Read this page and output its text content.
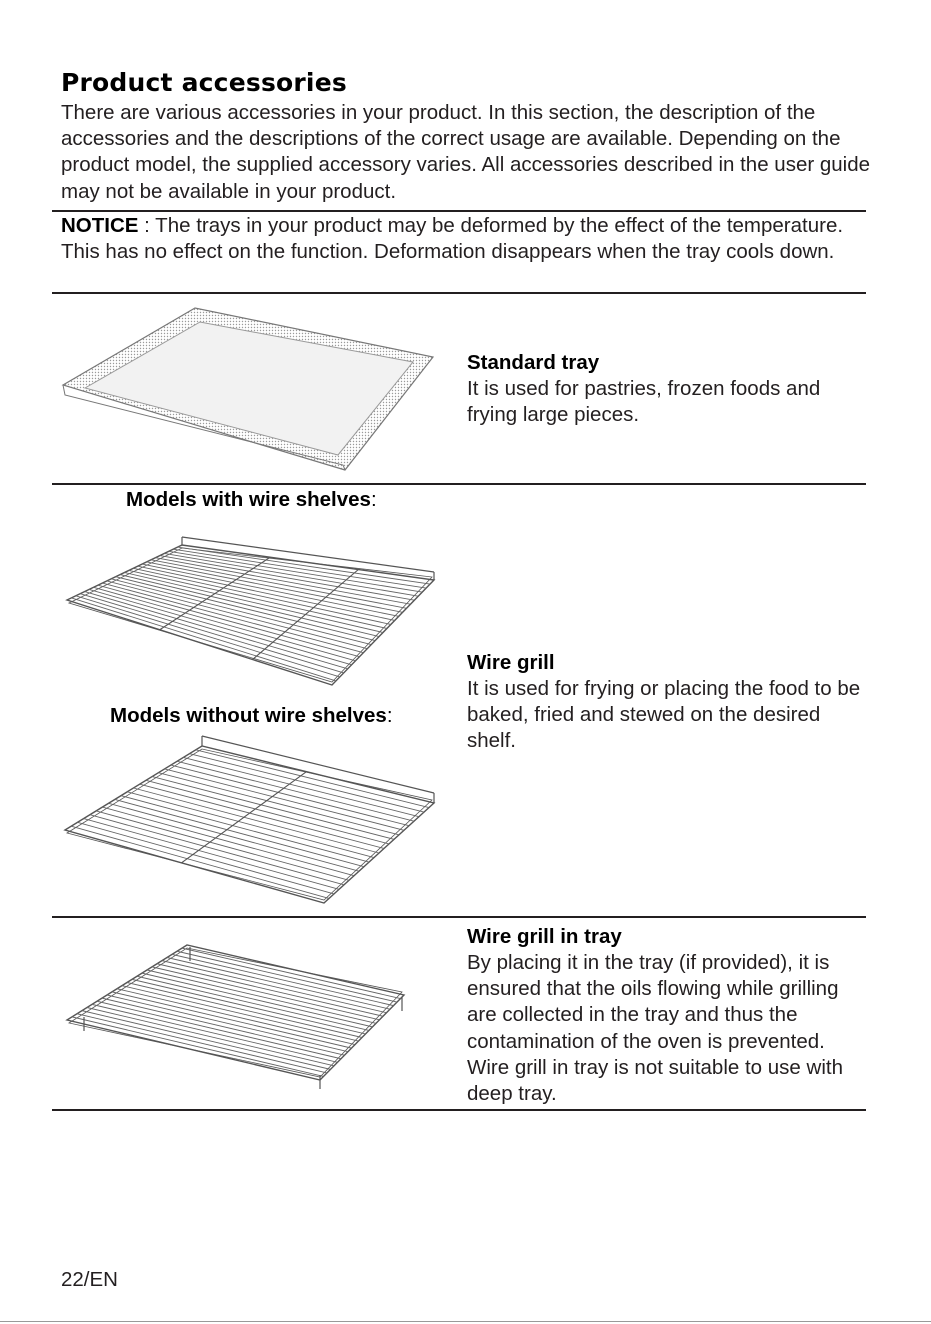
Product accessories
There are various accessories in your product. In this section, the description of the accessories and the descriptions of the correct usage are available. Depending on the product model, the supplied accessory varies. All accessories described in the user guide may not be available in your product.
NOTICE : The trays in your product may be deformed by the effect of the temperature. This has no effect on the function. Deformation disappears when the tray cools down.
Standard tray
It is used for pastries, frozen foods and frying large pieces.
Models with wire shelves:
Models without wire shelves:
Wire grill
It is used for frying or placing the food to be baked, fried and stewed on the desired shelf.
Wire grill in tray
By placing it in the tray (if provided), it is ensured that the oils flowing while grilling are collected in the tray and thus the contamination of the oven is prevented. Wire grill in tray is not suitable to use with deep tray.
22/EN
